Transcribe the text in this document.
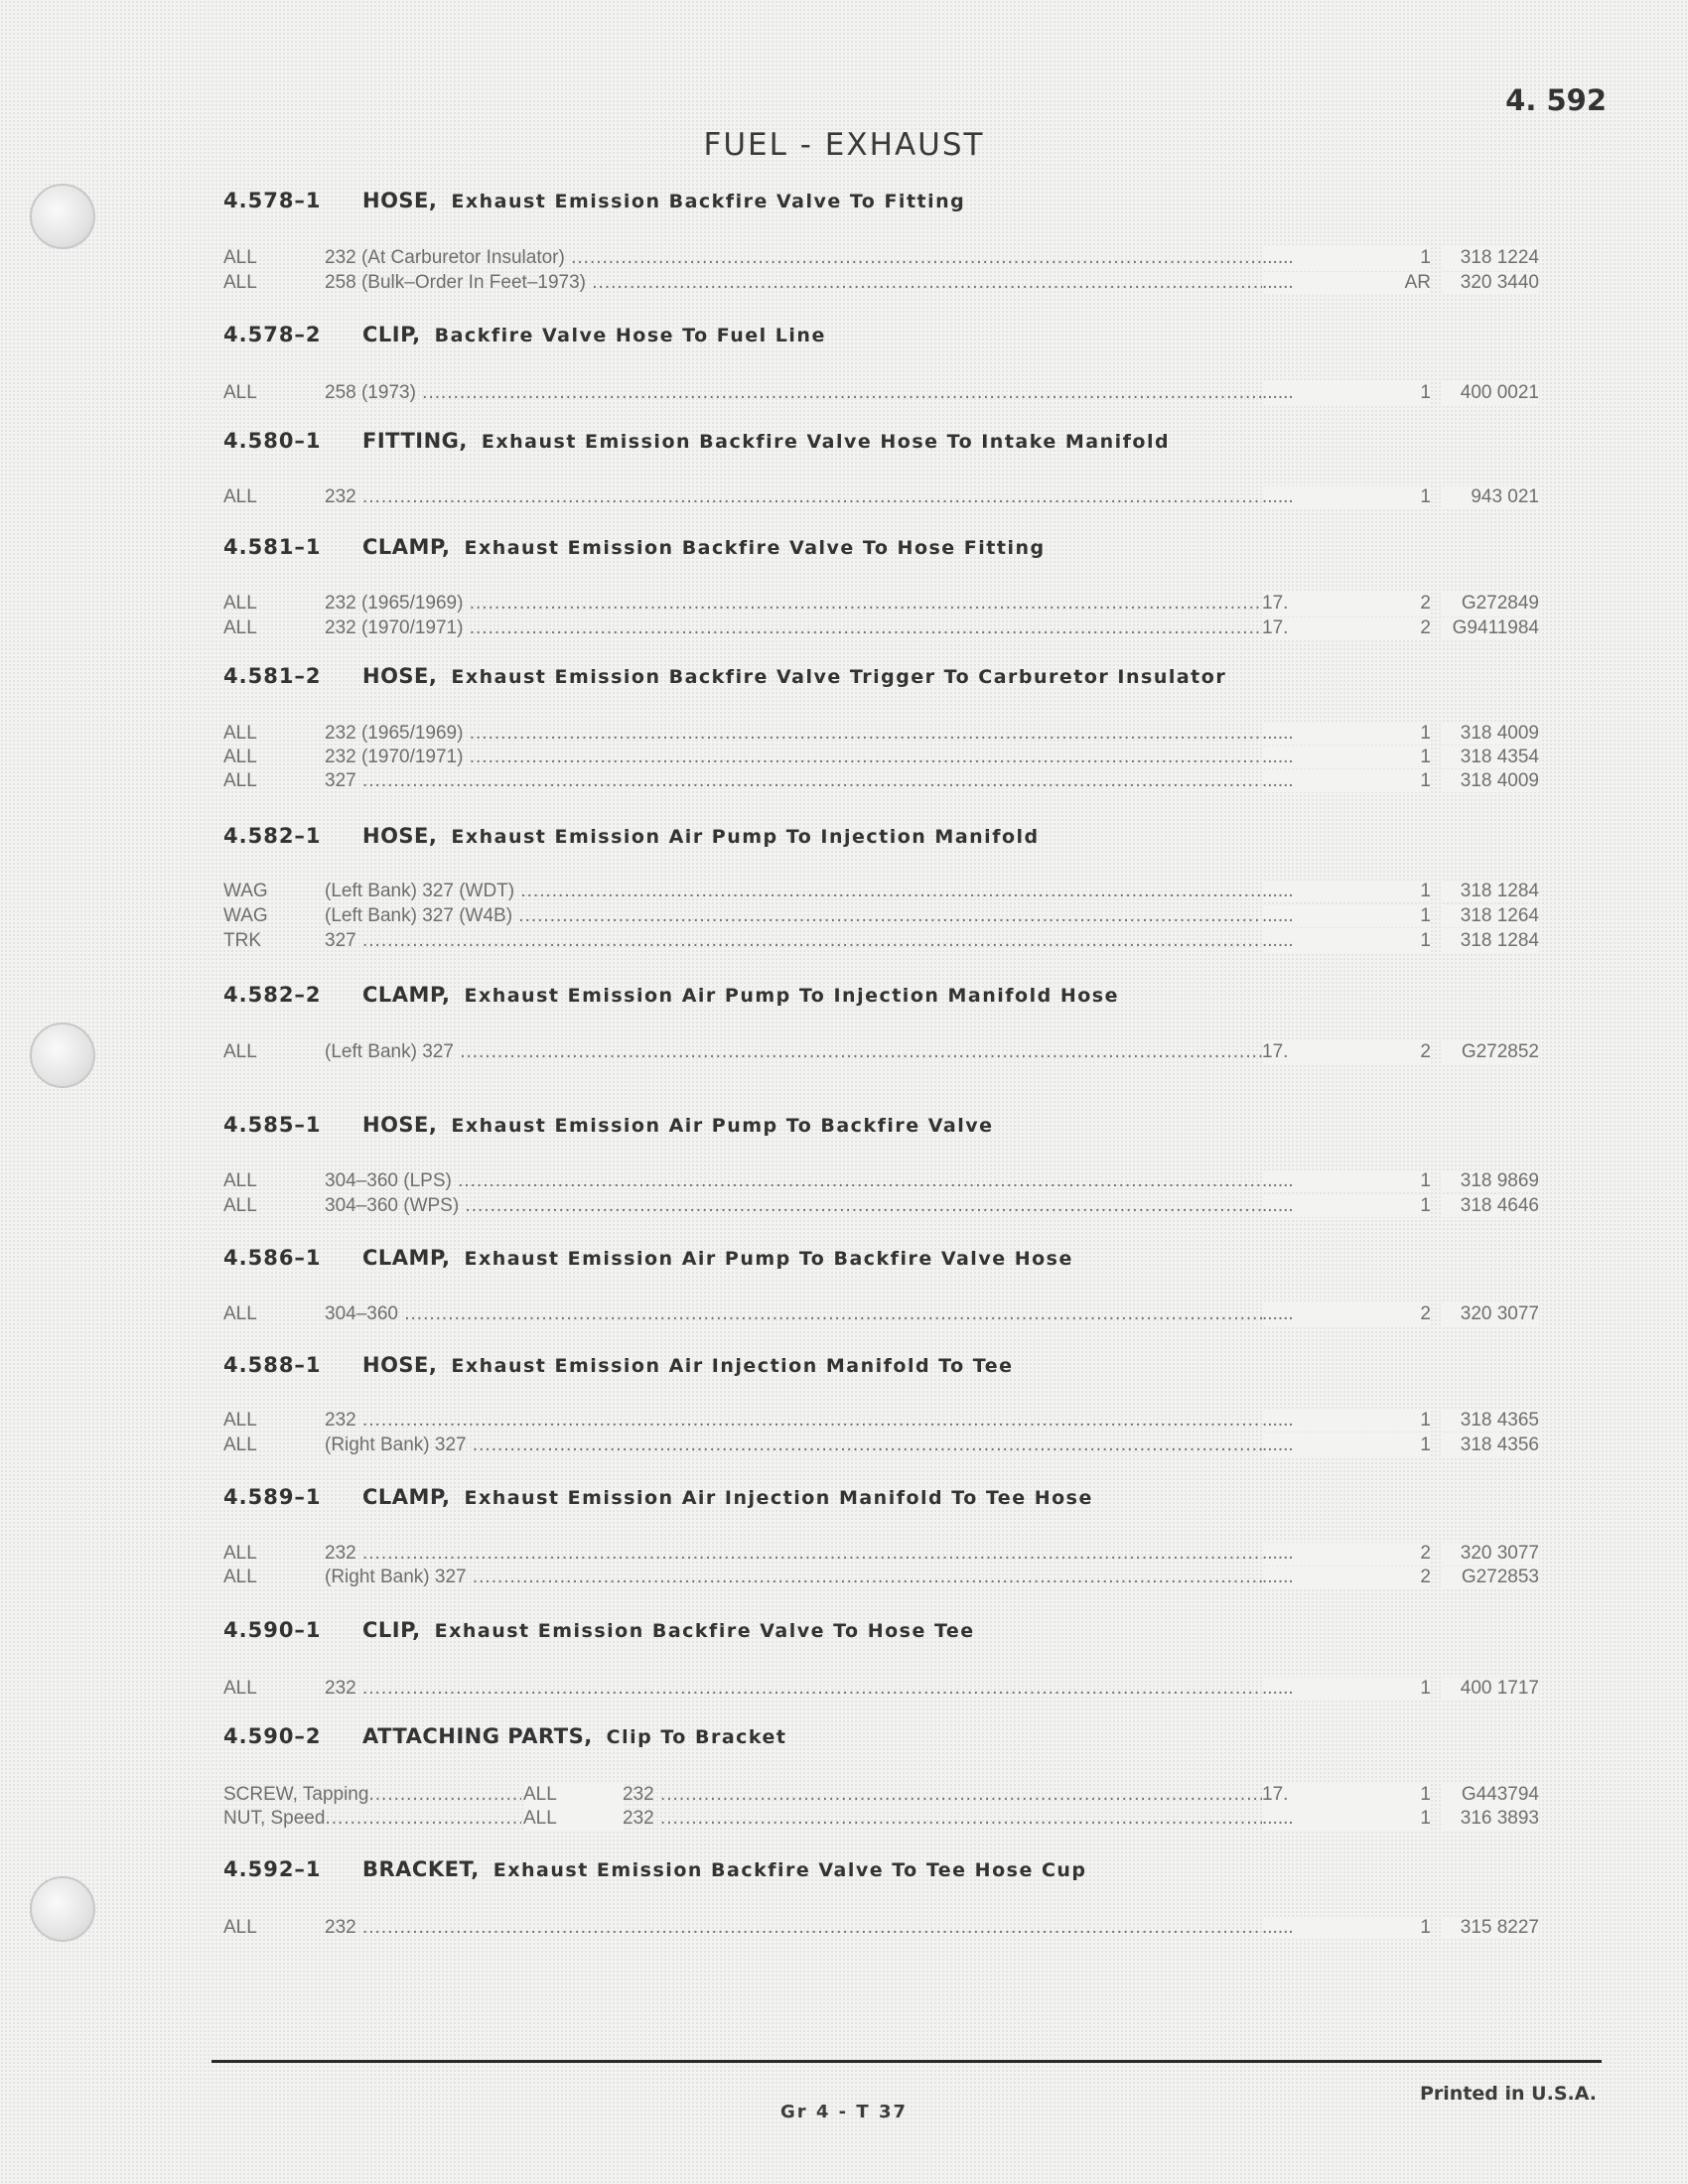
4. 592
FUEL - EXHAUST
4.578–1	HOSE, Exhaust Emission Backfire Valve To Fitting
ALL	232 (At Carburetor Insulator) .....	......	1	318 1224
ALL	258 (Bulk–Order In Feet–1973) .....	......	AR	320 3440
4.578–2	CLIP, Backfire Valve Hose To Fuel Line
ALL	258 (1973) .....	......	1	400 0021
4.580–1	FITTING, Exhaust Emission Backfire Valve Hose To Intake Manifold
ALL	232 .....	......	1	943 021
4.581–1	CLAMP, Exhaust Emission Backfire Valve To Hose Fitting
ALL	232 (1965/1969) .....	17.	2	G272849
ALL	232 (1970/1971) .....	17.	2	G9411984
4.581–2	HOSE, Exhaust Emission Backfire Valve Trigger To Carburetor Insulator
ALL	232 (1965/1969) .....	......	1	318 4009
ALL	232 (1970/1971) .....	......	1	318 4354
ALL	327 .....	......	1	318 4009
4.582–1	HOSE, Exhaust Emission Air Pump To Injection Manifold
WAG	(Left Bank) 327 (WDT) .....	......	1	318 1284
WAG	(Left Bank) 327 (W4B) .....	......	1	318 1264
TRK	327 .....	......	1	318 1284
4.582–2	CLAMP, Exhaust Emission Air Pump To Injection Manifold Hose
ALL	(Left Bank) 327 .....	17.	2	G272852
4.585–1	HOSE, Exhaust Emission Air Pump To Backfire Valve
ALL	304–360 (LPS) .....	......	1	318 9869
ALL	304–360 (WPS) .....	......	1	318 4646
4.586–1	CLAMP, Exhaust Emission Air Pump To Backfire Valve Hose
ALL	304–360 .....	......	2	320 3077
4.588–1	HOSE, Exhaust Emission Air Injection Manifold To Tee
ALL	232 .....	......	1	318 4365
ALL	(Right Bank) 327 .....	......	1	318 4356
4.589–1	CLAMP, Exhaust Emission Air Injection Manifold To Tee Hose
ALL	232 .....	......	2	320 3077
ALL	(Right Bank) 327 .....	......	2	G272853
4.590–1	CLIP, Exhaust Emission Backfire Valve To Hose Tee
ALL	232 .....	......	1	400 1717
4.590–2	ATTACHING PARTS, Clip To Bracket
SCREW, Tapping .....	ALL	232 .....	17.	1	G443794
NUT, Speed .....	ALL	232 .....	......	1	316 3893
4.592–1	BRACKET, Exhaust Emission Backfire Valve To Tee Hose Cup
ALL	232 .....	......	1	315 8227
Printed in U.S.A.
Gr 4 - T 37
